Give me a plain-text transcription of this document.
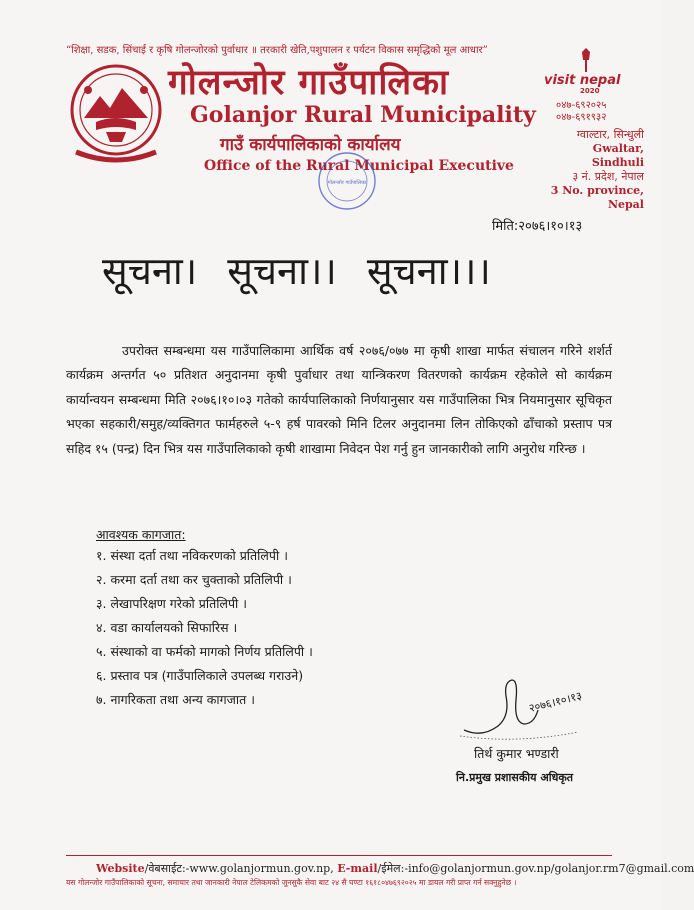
“शिक्षा, सडक, सिंचाई र कृषि गोलन्जोरको पुर्वाधार ॥ तरकारी खेति,पशुपालन र पर्यटन विकास समृद्धिको मूल आधार”
गोलन्जोर गाउँपालिका
Golanjor Rural Municipality
गाउँ कार्यपालिकाको कार्यालय
Office of the Rural Municipal Executive
visit nepal
2020
०४७-६९२०२५
०४७-६९१९३२
ग्वाल्टार, सिन्धुली
Gwaltar, Sindhuli
३ नं. प्रदेश, नेपाल
3 No. province, Nepal
गोलन्जोर गाउँपालिका
मिति:२०७६।१०।१३
सूचना। सूचना।। सूचना।।।

उपरोक्त सम्बन्धमा यस गाउँपालिकामा आर्थिक वर्ष २०७६/०७७ मा कृषी शाखा मार्फत संचालन गरिने शर्शर्त कार्यक्रम अन्तर्गत ५० प्रतिशत अनुदानमा कृषी पुर्वाधार तथा यान्त्रिकरण वितरणको कार्यक्रम रहेकोले सो कार्यक्रम कार्यान्वयन सम्बन्धमा मिति २०७६।१०।०३ गतेको कार्यपालिकाको निर्णयानुसार यस गाउँपालिका भित्र नियमानुसार सूचिकृत भएका सहकारी/समुह/व्यक्तिगत फार्महरुले ५-९ हर्ष पावरको मिनि टिलर अनुदानमा लिन तोकिएको ढाँचाको प्रस्ताप पत्र सहिद १५ (पन्द्र) दिन भित्र यस गाउँपालिकाको कृषी शाखामा निवेदन पेश गर्नु हुन जानकारीको लागि अनुरोध गरिन्छ ।

आवश्यक कागजात:
१. संस्था दर्ता तथा नविकरणको प्रतिलिपी ।
२. करमा दर्ता तथा कर चुक्ताको प्रतिलिपी ।
३. लेखापरिक्षण गरेको प्रतिलिपी ।
४. वडा कार्यालयको सिफारिस ।
५. संस्थाको वा फर्मको मागको निर्णय प्रतिलिपी ।
६. प्रस्ताव पत्र (गाउँपालिकाले उपलब्ध गराउने)
७. नागरिकता तथा अन्य कागजात ।	२०७६।१०।१३
तिर्थ कुमार भण्डारी
नि.प्रमुख प्रशासकीय अधिकृत
Website/वेबसाईट:-www.golanjormun.gov.np, E-mail/ईमेल:-info@golanjormun.gov.np/golanjor.rm7@gmail.com
यस गोलन्जोर गाउँपालिकाको सूचना, समाचार तथा जानकारी नेपाल टेलिकमको जुनसुकै सेवा बाट २४ सै घण्टा १६१८०४७६९२०२५ मा डायल गरी प्राप्त गर्न सक्नुहुनेछ ।
